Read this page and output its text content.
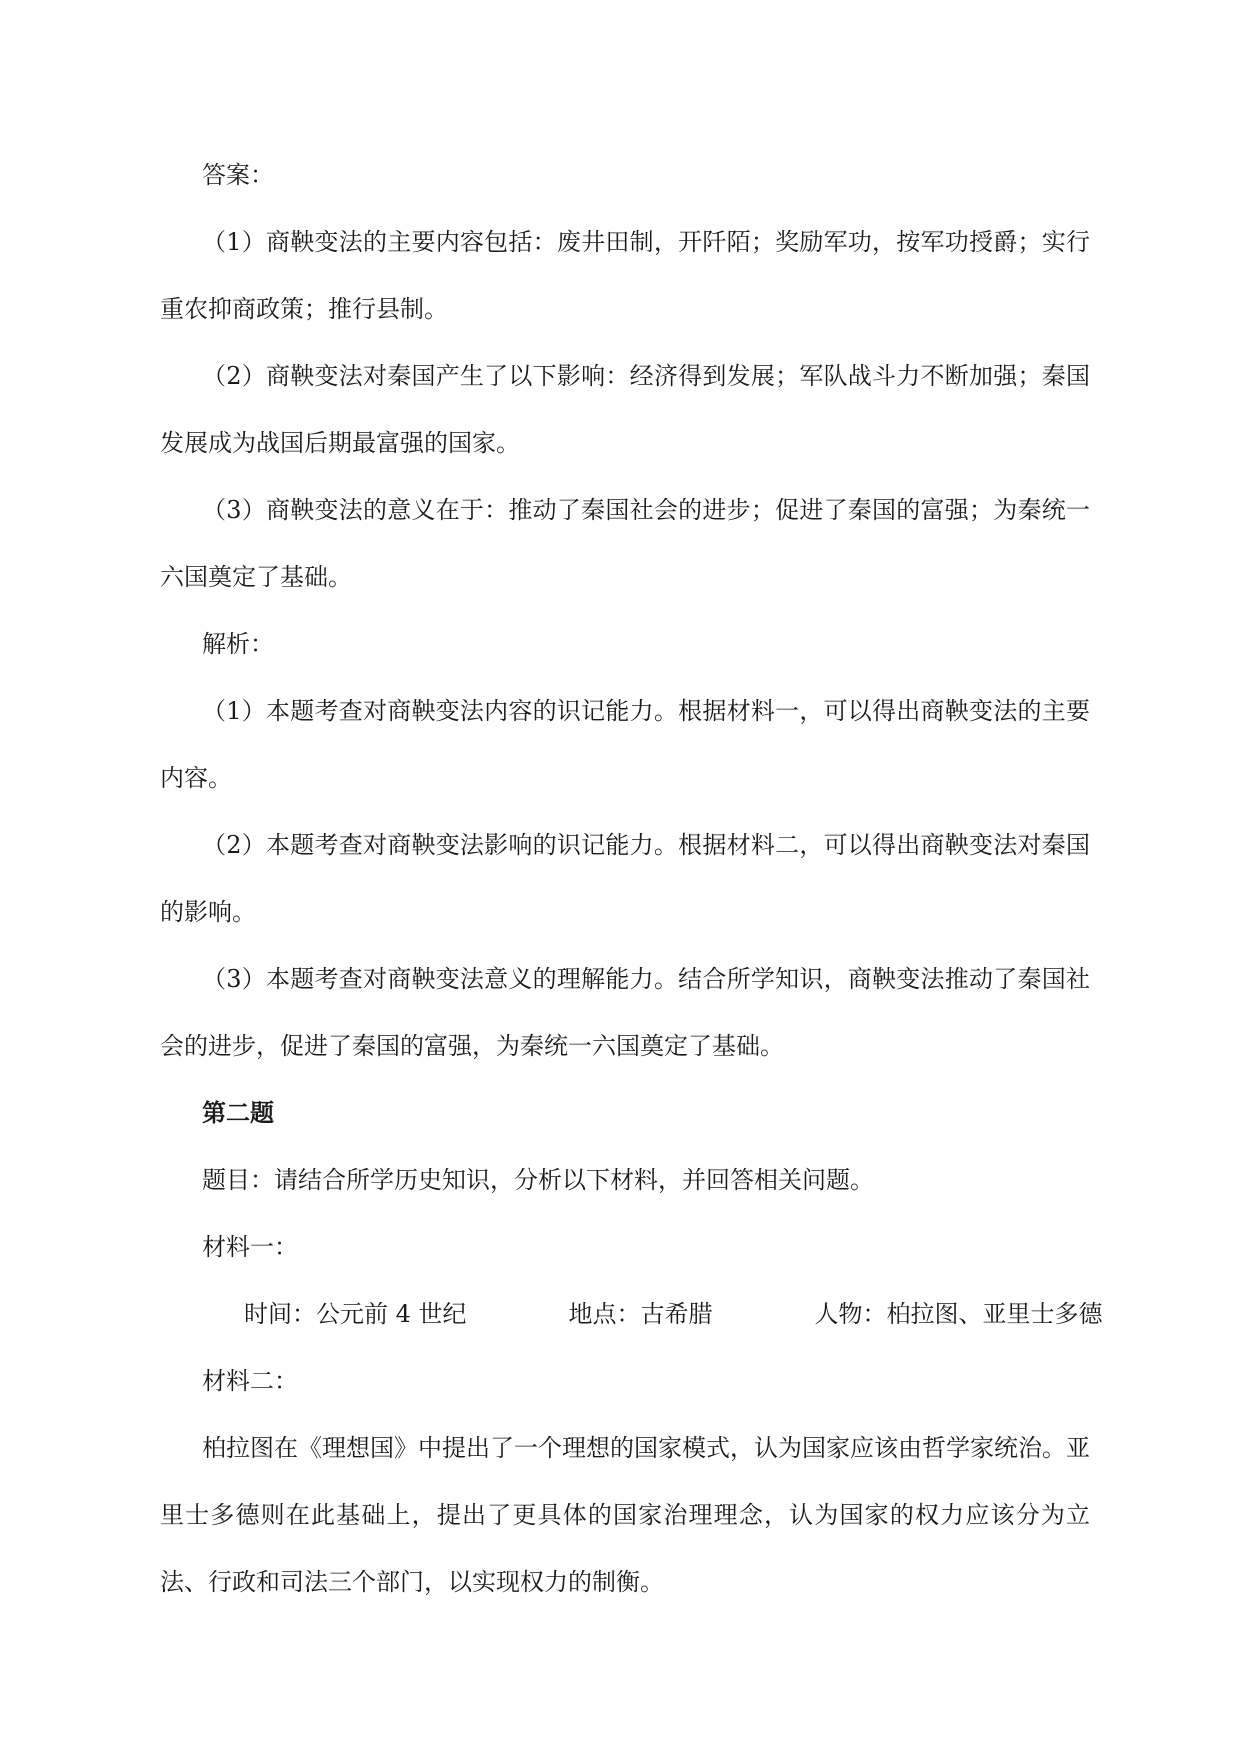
答案：

（1）商鞅变法的主要内容包括：废井田制，开阡陌；奖励军功，按军功授爵；实行重农抑商政策；推行县制。

（2）商鞅变法对秦国产生了以下影响：经济得到发展；军队战斗力不断加强；秦国发展成为战国后期最富强的国家。

（3）商鞅变法的意义在于：推动了秦国社会的进步；促进了秦国的富强；为秦统一六国奠定了基础。

解析：

（1）本题考查对商鞅变法内容的识记能力。根据材料一，可以得出商鞅变法的主要内容。

（2）本题考查对商鞅变法影响的识记能力。根据材料二，可以得出商鞅变法对秦国的影响。

（3）本题考查对商鞅变法意义的理解能力。结合所学知识，商鞅变法推动了秦国社会的进步，促进了秦国的富强，为秦统一六国奠定了基础。

第二题

题目：请结合所学历史知识，分析以下材料，并回答相关问题。

材料一：

时间：公元前 4 世纪	地点：古希腊	人物：柏拉图、亚里士多德

材料二：

柏拉图在《理想国》中提出了一个理想的国家模式，认为国家应该由哲学家统治。亚里士多德则在此基础上，提出了更具体的国家治理理念，认为国家的权力应该分为立法、行政和司法三个部门，以实现权力的制衡。
